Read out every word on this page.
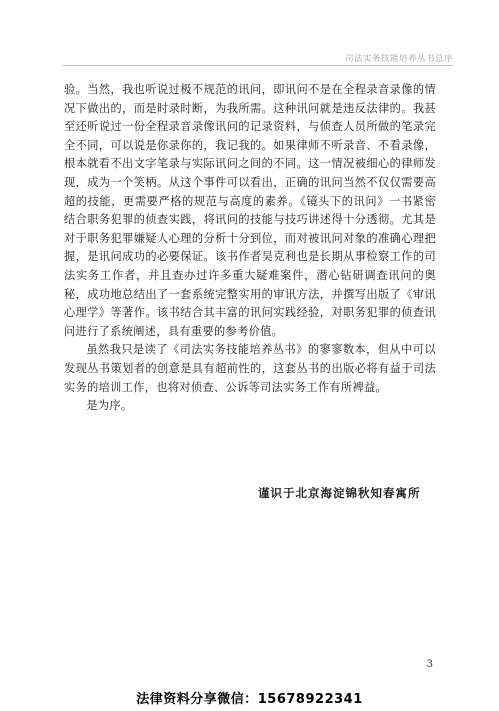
司法实务技能培养丛书总序

验。当然，我也听说过极不规范的讯问，即讯问不是在全程录音录像的情况下做出的，而是时录时断，为我所需。这种讯问就是违反法律的。我甚至还听说过一份全程录音录像讯问的记录资料，与侦查人员所做的笔录完全不同，可以说是你录你的，我记我的。如果律师不听录音、不看录像，根本就看不出文字笔录与实际讯问之间的不同。这一情况被细心的律师发现，成为一个笑柄。从这个事件可以看出，正确的讯问当然不仅仅需要高超的技能，更需要严格的规范与高度的素养。《镜头下的讯问》一书紧密结合职务犯罪的侦查实践，将讯问的技能与技巧讲述得十分透彻。尤其是对于职务犯罪嫌疑人心理的分析十分到位，而对被讯问对象的准确心理把握，是讯问成功的必要保证。该书作者吴克利也是长期从事检察工作的司法实务工作者，并且查办过许多重大疑难案件，潜心钻研调查讯问的奥秘，成功地总结出了一套系统完整实用的审讯方法，并撰写出版了《审讯心理学》等著作。该书结合其丰富的讯问实践经验，对职务犯罪的侦查讯问进行了系统阐述，具有重要的参考价值。

虽然我只是读了《司法实务技能培养丛书》的寥寥数本，但从中可以发现丛书策划者的创意是具有超前性的，这套丛书的出版必将有益于司法实务的培训工作，也将对侦查、公诉等司法实务工作有所裨益。

是为序。

谨识于北京海淀锦秋知春寓所
3
法律资料分享微信：15678922341
